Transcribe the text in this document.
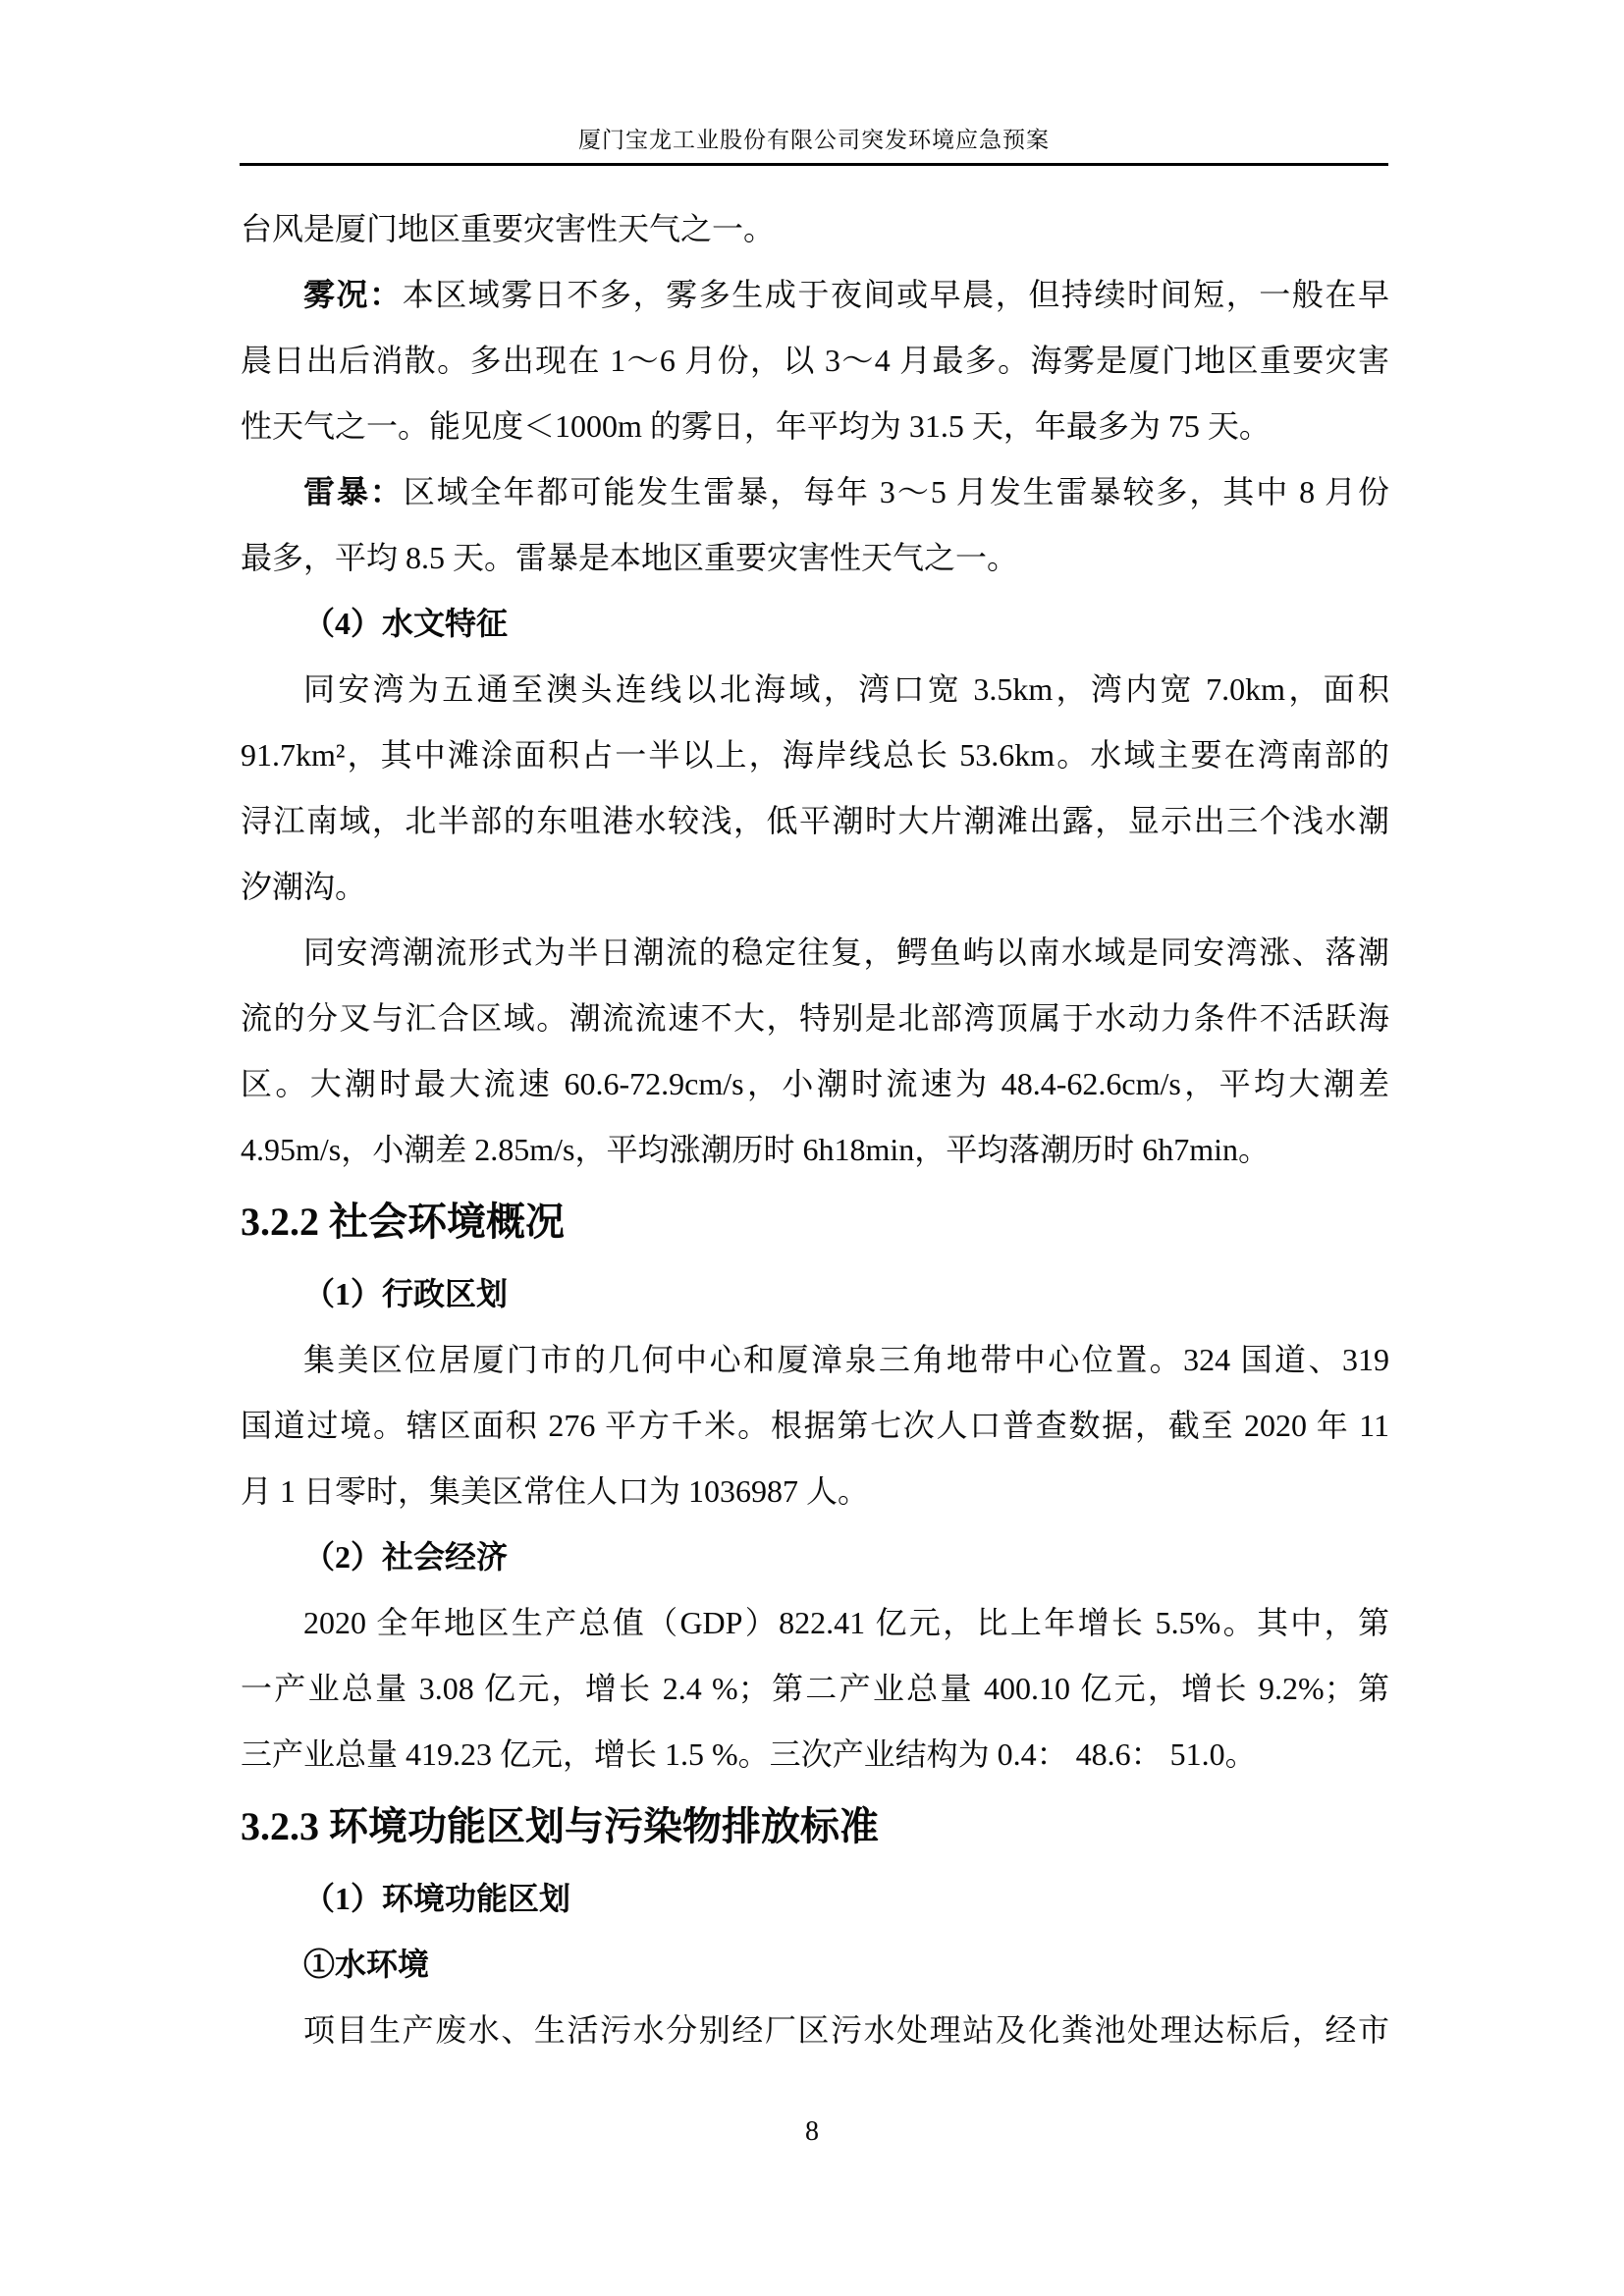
厦门宝龙工业股份有限公司突发环境应急预案
台风是厦门地区重要灾害性天气之一。
雾况：本区域雾日不多，雾多生成于夜间或早晨，但持续时间短，一般在早
晨日出后消散。多出现在 1～6 月份，以 3～4 月最多。海雾是厦门地区重要灾害
性天气之一。能见度＜1000m 的雾日，年平均为 31.5 天，年最多为 75 天。
雷暴：区域全年都可能发生雷暴，每年 3～5 月发生雷暴较多，其中 8 月份
最多，平均 8.5 天。雷暴是本地区重要灾害性天气之一。
（4）水文特征
同安湾为五通至澳头连线以北海域，湾口宽 3.5km，湾内宽 7.0km，面积
91.7km²，其中滩涂面积占一半以上，海岸线总长 53.6km。水域主要在湾南部的
浔江南域，北半部的东咀港水较浅，低平潮时大片潮滩出露，显示出三个浅水潮
汐潮沟。
同安湾潮流形式为半日潮流的稳定往复，鳄鱼屿以南水域是同安湾涨、落潮
流的分叉与汇合区域。潮流流速不大，特别是北部湾顶属于水动力条件不活跃海
区。大潮时最大流速 60.6-72.9cm/s，小潮时流速为 48.4-62.6cm/s，平均大潮差
4.95m/s，小潮差 2.85m/s，平均涨潮历时 6h18min，平均落潮历时 6h7min。
3.2.2 社会环境概况
（1）行政区划
集美区位居厦门市的几何中心和厦漳泉三角地带中心位置。324 国道、319
国道过境。辖区面积 276 平方千米。根据第七次人口普查数据，截至 2020 年 11
月 1 日零时，集美区常住人口为 1036987 人。
（2）社会经济
2020 全年地区生产总值（GDP）822.41 亿元，比上年增长 5.5%。其中，第
一产业总量 3.08 亿元，增长 2.4 %；第二产业总量 400.10 亿元，增长 9.2%；第
三产业总量 419.23 亿元，增长 1.5 %。三次产业结构为 0.4： 48.6： 51.0。
3.2.3 环境功能区划与污染物排放标准
（1）环境功能区划
①水环境
项目生产废水、生活污水分别经厂区污水处理站及化粪池处理达标后，经市
8
